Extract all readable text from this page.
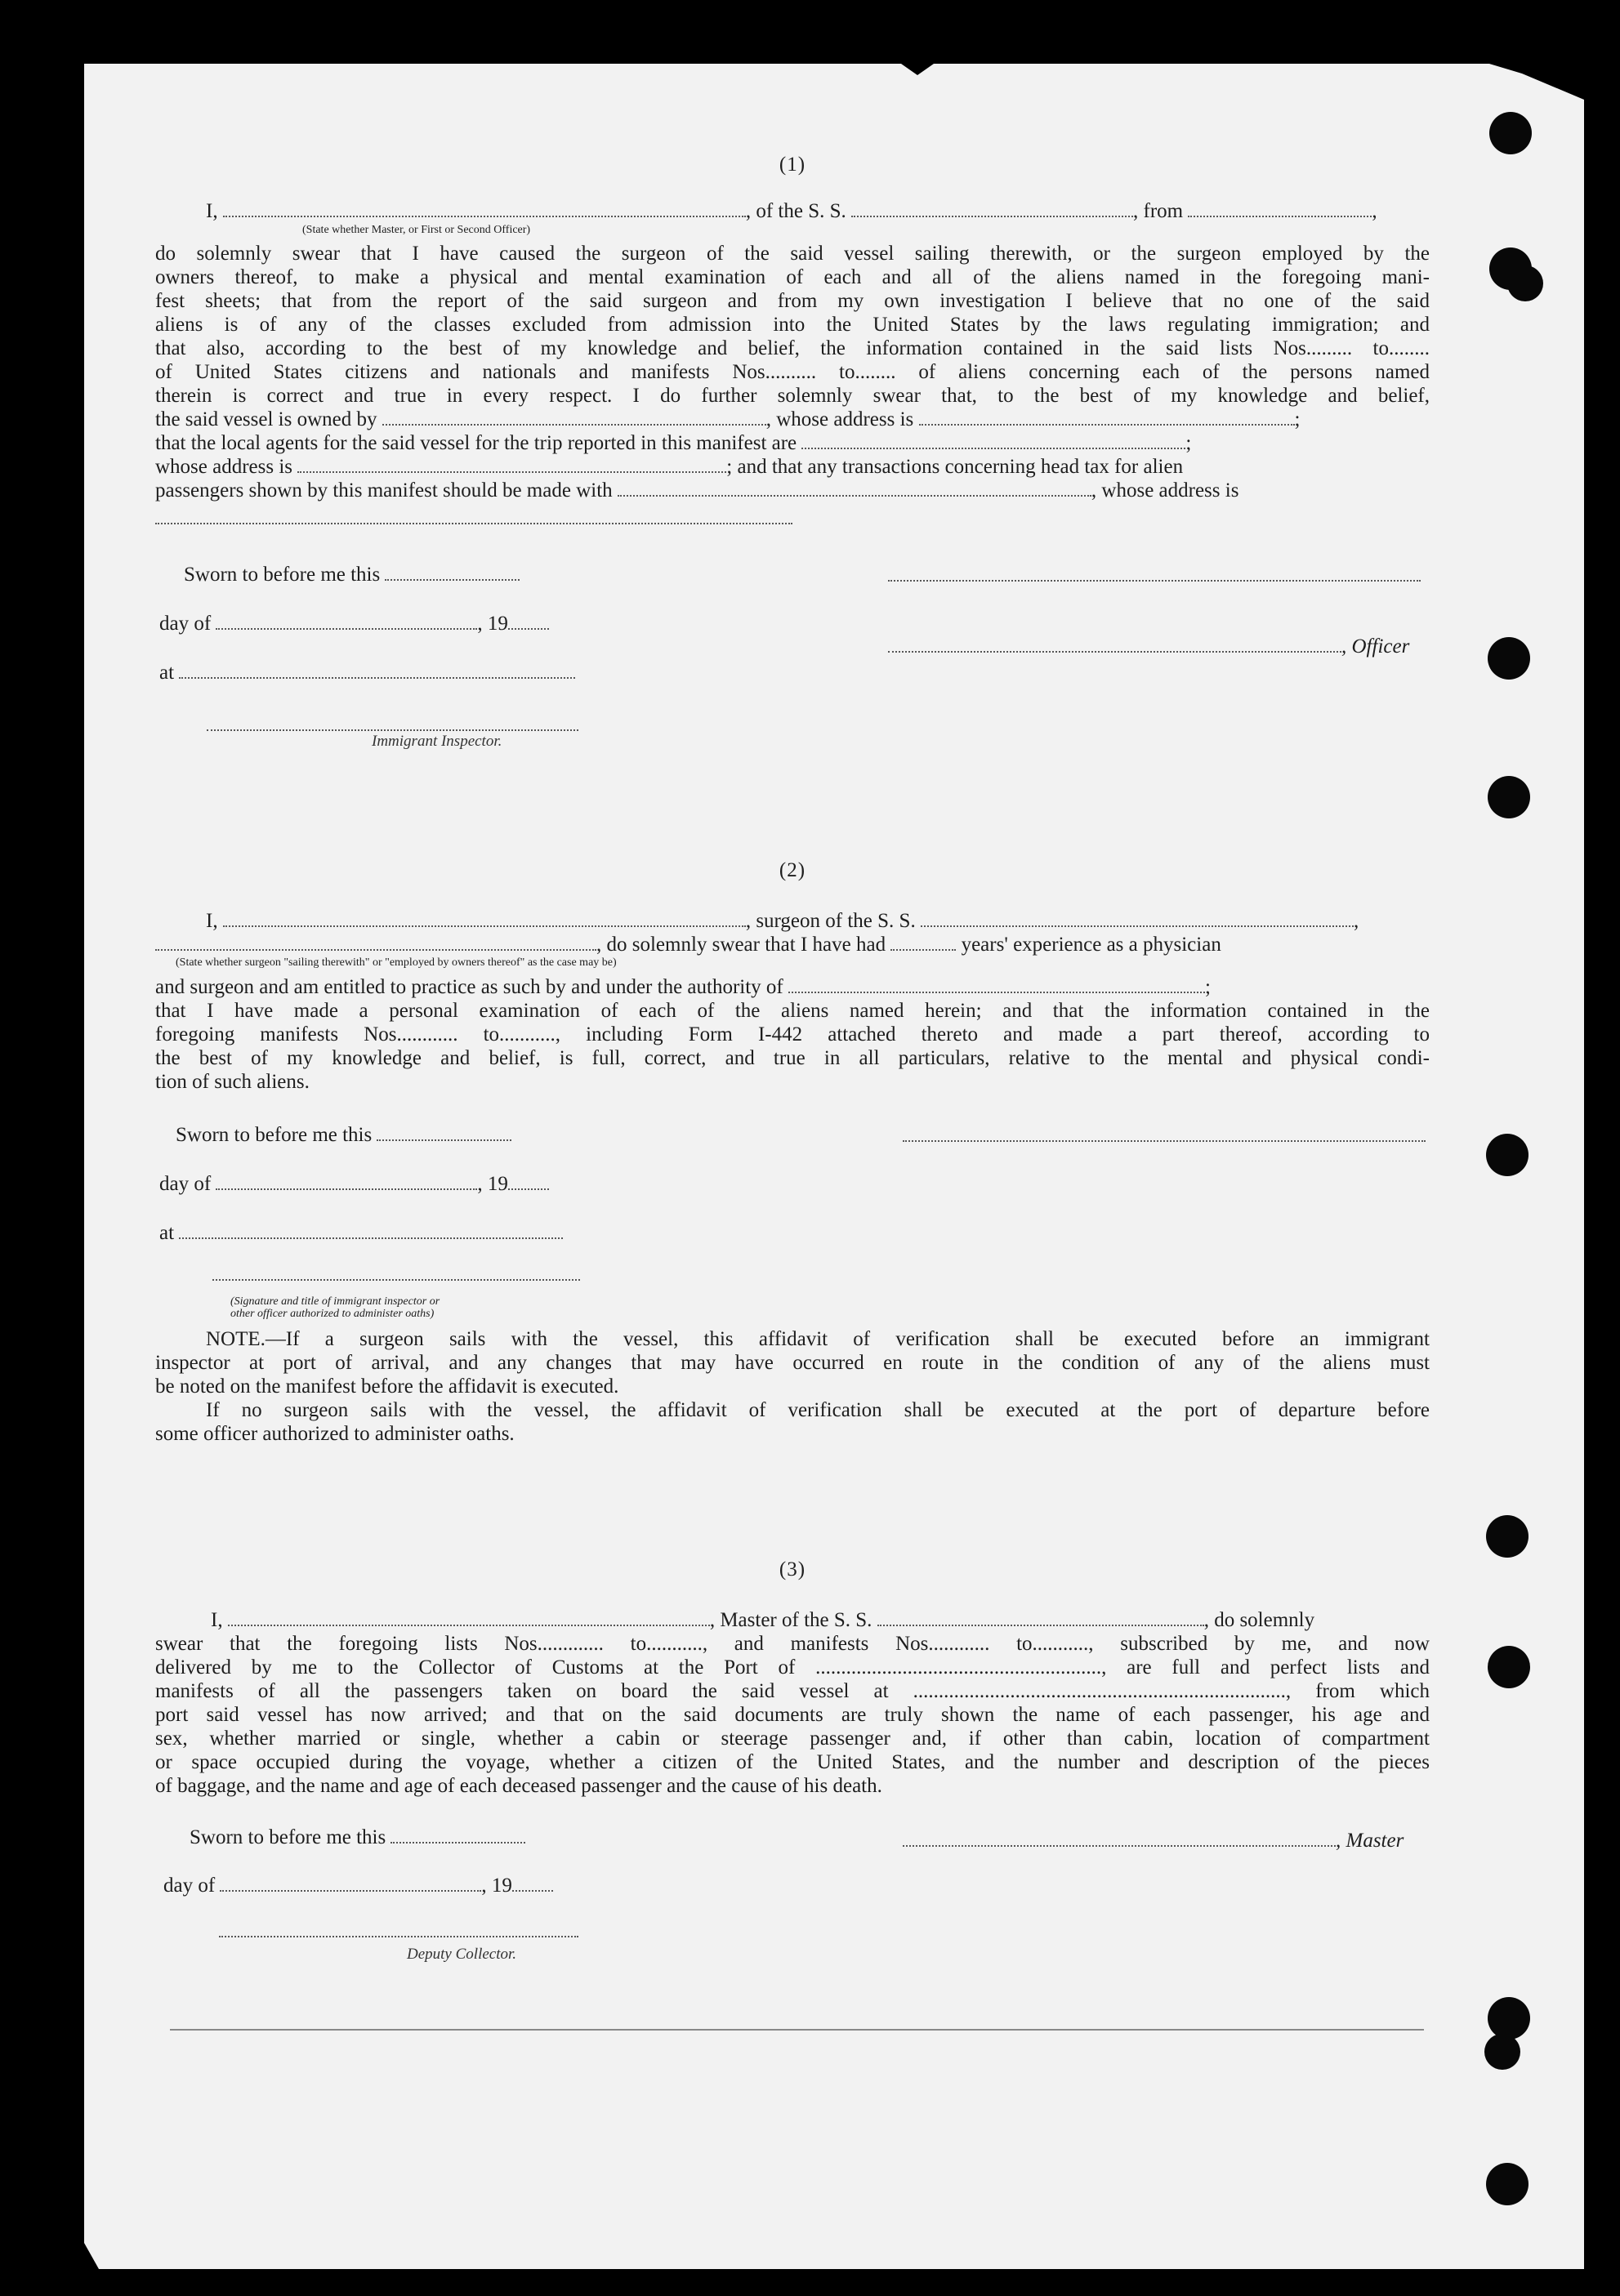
(1)
I,	, of the S. S.	, from	,
(State whether Master, or First or Second Officer)

do solemnly swear that I have caused the surgeon of the said vessel sailing therewith, or the surgeon employed by the

owners thereof, to make a physical and mental examination of each and all of the aliens named in the foregoing mani-

fest sheets; that from the report of the said surgeon and from my own investigation I believe that no one of the said

aliens is of any of the classes excluded from admission into the United States by the laws regulating immigration; and

that also, according to the best of my knowledge and belief, the information contained in the said lists Nos......... to........

of United States citizens and nationals and manifests Nos.......... to........ of aliens concerning each of the persons named

therein is correct and true in every respect. I do further solemnly swear that, to the best of my knowledge and belief,

the said vessel is owned by	, whose address is	;
that the local agents for the said vessel for the trip reported in this manifest are	;
whose address is	; and that any transactions concerning head tax for alien
passengers shown by this manifest should be made with	, whose address is
Sworn to before me this
day of	, 19
, Officer
at
Immigrant Inspector.
(2)
I,	, surgeon of the S. S.	,
, do solemnly swear that I have had	years' experience as a physician
(State whether surgeon "sailing therewith" or "employed by owners thereof" as the case may be)
and surgeon and am entitled to practice as such by and under the authority of	;

that I have made a personal examination of each of the aliens named herein; and that the information contained in the

foregoing manifests Nos............ to..........., including Form I-442 attached thereto and made a part thereof, according to

the best of my knowledge and belief, is full, correct, and true in all particulars, relative to the mental and physical condi-

tion of such aliens.

Sworn to before me this
day of	, 19
at
(Signature and title of immigrant inspector or
other officer authorized to administer oaths)

NOTE.—If a surgeon sails with the vessel, this affidavit of verification shall be executed before an immigrant

inspector at port of arrival, and any changes that may have occurred en route in the condition of any of the aliens must

be noted on the manifest before the affidavit is executed.

If no surgeon sails with the vessel, the affidavit of verification shall be executed at the port of departure before

some officer authorized to administer oaths.

(3)
I,	, Master of the S. S.	, do solemnly

swear that the foregoing lists Nos............. to..........., and manifests Nos............ to..........., subscribed by me, and now

delivered by me to the Collector of Customs at the Port of ........................................................, are full and perfect lists and

manifests of all the passengers taken on board the said vessel at ........................................................................., from which

port said vessel has now arrived; and that on the said documents are truly shown the name of each passenger, his age and

sex, whether married or single, whether a cabin or steerage passenger and, if other than cabin, location of compartment

or space occupied during the voyage, whether a citizen of the United States, and the number and description of the pieces

of baggage, and the name and age of each deceased passenger and the cause of his death.

Sworn to before me this	, Master
day of	, 19
Deputy Collector.
